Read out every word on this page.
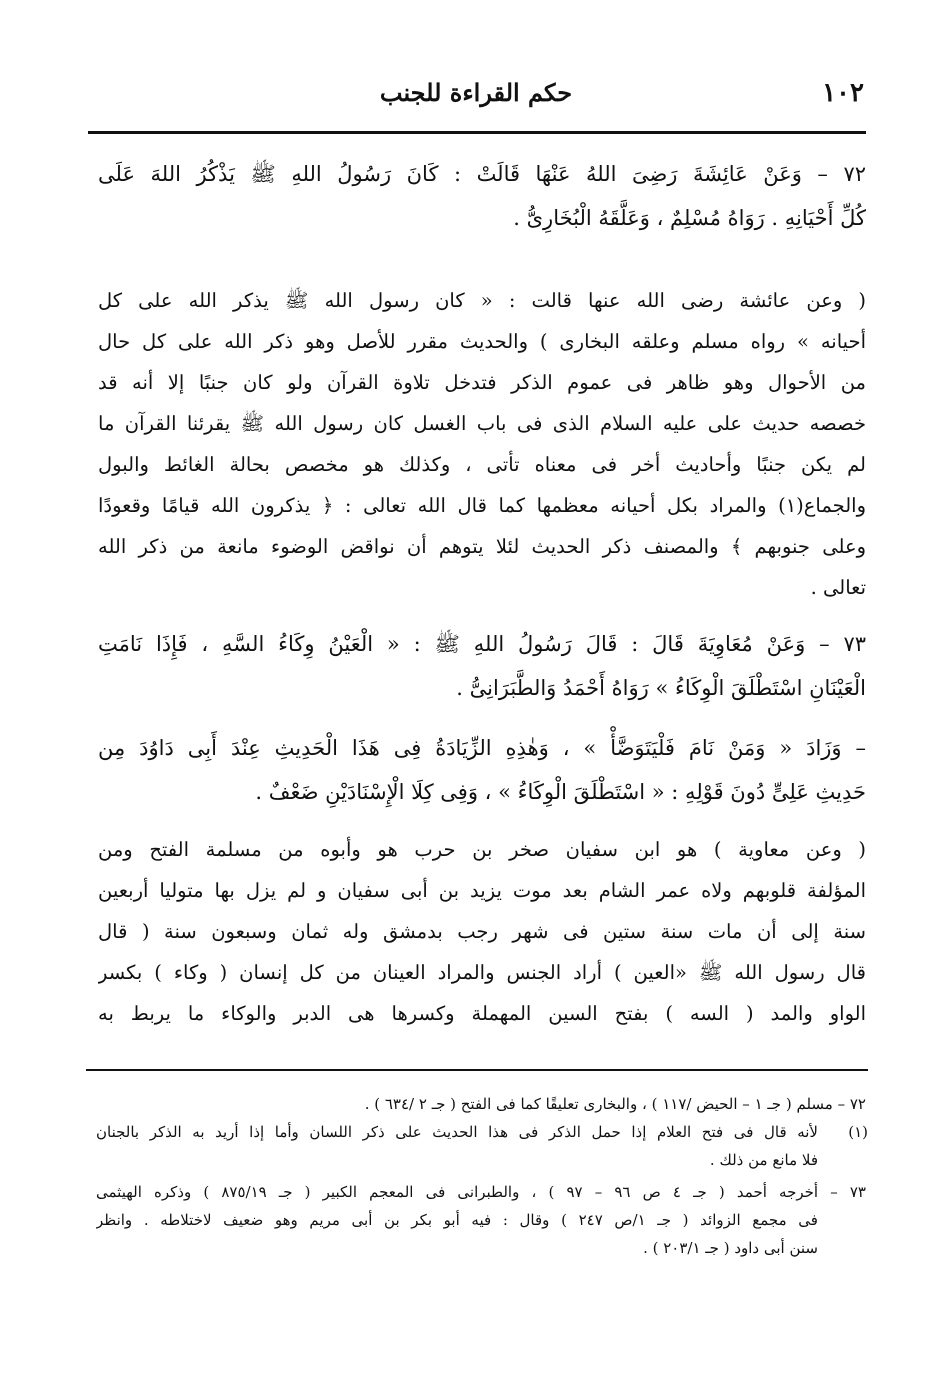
١٠٢
حكم القراءة للجنب
٧٢ – وَعَنْ عَائِشَةَ رَضِىَ اللهُ عَنْهَا قَالَتْ : كَانَ رَسُولُ اللهِ ﷺ يَذْكُرُ اللهَ عَلَى
كُلِّ أَحْيَانِهِ . رَوَاهُ مُسْلِمٌ ، وَعَلَّقَهُ الْبُخَارِىُّ .
( وعن عائشة رضى الله عنها قالت : « كان رسول الله ﷺ يذكر الله على كل
أحيانه » رواه مسلم وعلقه البخارى ) والحديث مقرر للأصل وهو ذكر الله على كل حال
من الأحوال وهو ظاهر فى عموم الذكر فتدخل تلاوة القرآن ولو كان جنبًا إلا أنه قد
خصصه حديث على عليه السلام الذى فى باب الغسل كان رسول الله ﷺ يقرئنا القرآن ما
لم يكن جنبًا وأحاديث أخر فى معناه تأتى ، وكذلك هو مخصص بحالة الغائط والبول
والجماع(١) والمراد بكل أحيانه معظمها كما قال الله تعالى : ﴿ يذكرون الله قيامًا وقعودًا
وعلى جنوبهم ﴾ والمصنف ذكر الحديث لئلا يتوهم أن نواقض الوضوء مانعة من ذكر الله
تعالى .
٧٣ – وَعَنْ مُعَاوِيَةَ قَالَ : قَالَ رَسُولُ اللهِ ﷺ : « الْعَيْنُ وِكَاءُ السَّهِ ، فَإِذَا نَامَتِ
الْعَيْنَانِ اسْتَطْلَقَ الْوِكَاءُ » رَوَاهُ أَحْمَدُ وَالطَّبَرَانِىُّ .
– وَزَادَ « وَمَنْ نَامَ فَلْيَتَوَضَّأْ » ، وَهٰذِهِ الزِّيَادَةُ فِى هَذَا الْحَدِيثِ عِنْدَ أَبِى دَاوُدَ مِن
حَدِيثِ عَلِىٍّ دُونَ قَوْلِهِ : « اسْتَطْلَقَ الْوِكَاءُ » ، وَفِى كِلَا الْإِسْنَادَيْنِ ضَعْفٌ .
( وعن معاوية ) هو ابن سفيان صخر بن حرب هو وأبوه من مسلمة الفتح ومن
المؤلفة قلوبهم ولاه عمر الشام بعد موت يزيد بن أبى سفيان و لم يزل بها متوليا أربعين
سنة إلى أن مات سنة ستين فى شهر رجب بدمشق وله ثمان وسبعون سنة ( قال
قال رسول الله ﷺ «العين ) أراد الجنس والمراد العينان من كل إنسان ( وكاء ) بكسر
الواو والمد ( السه ) بفتح السين المهملة وكسرها هى الدبر والوكاء ما يربط به
٧٢ – مسلم ( جـ ١ – الحيض /١١٧ ) ، والبخارى تعليقًا كما فى الفتح ( جـ ٢ /٦٣٤ ) .
(١)
لأنه قال فى فتح العلام إذا حمل الذكر فى هذا الحديث على ذكر اللسان وأما إذا أريد به الذكر بالجنان
فلا مانع من ذلك .
٧٣ – أخرجه أحمد ( جـ ٤ ص ٩٦ – ٩٧ ) ، والطبرانى فى المعجم الكبير ( جـ ٨٧٥/١٩ ) وذكره الهيثمى
فى مجمع الزوائد ( جـ ١/ص ٢٤٧ ) وقال : فيه أبو بكر بن أبى مريم وهو ضعيف لاختلاطه . وانظر
سنن أبى داود ( جـ ٢٠٣/١ ) .
